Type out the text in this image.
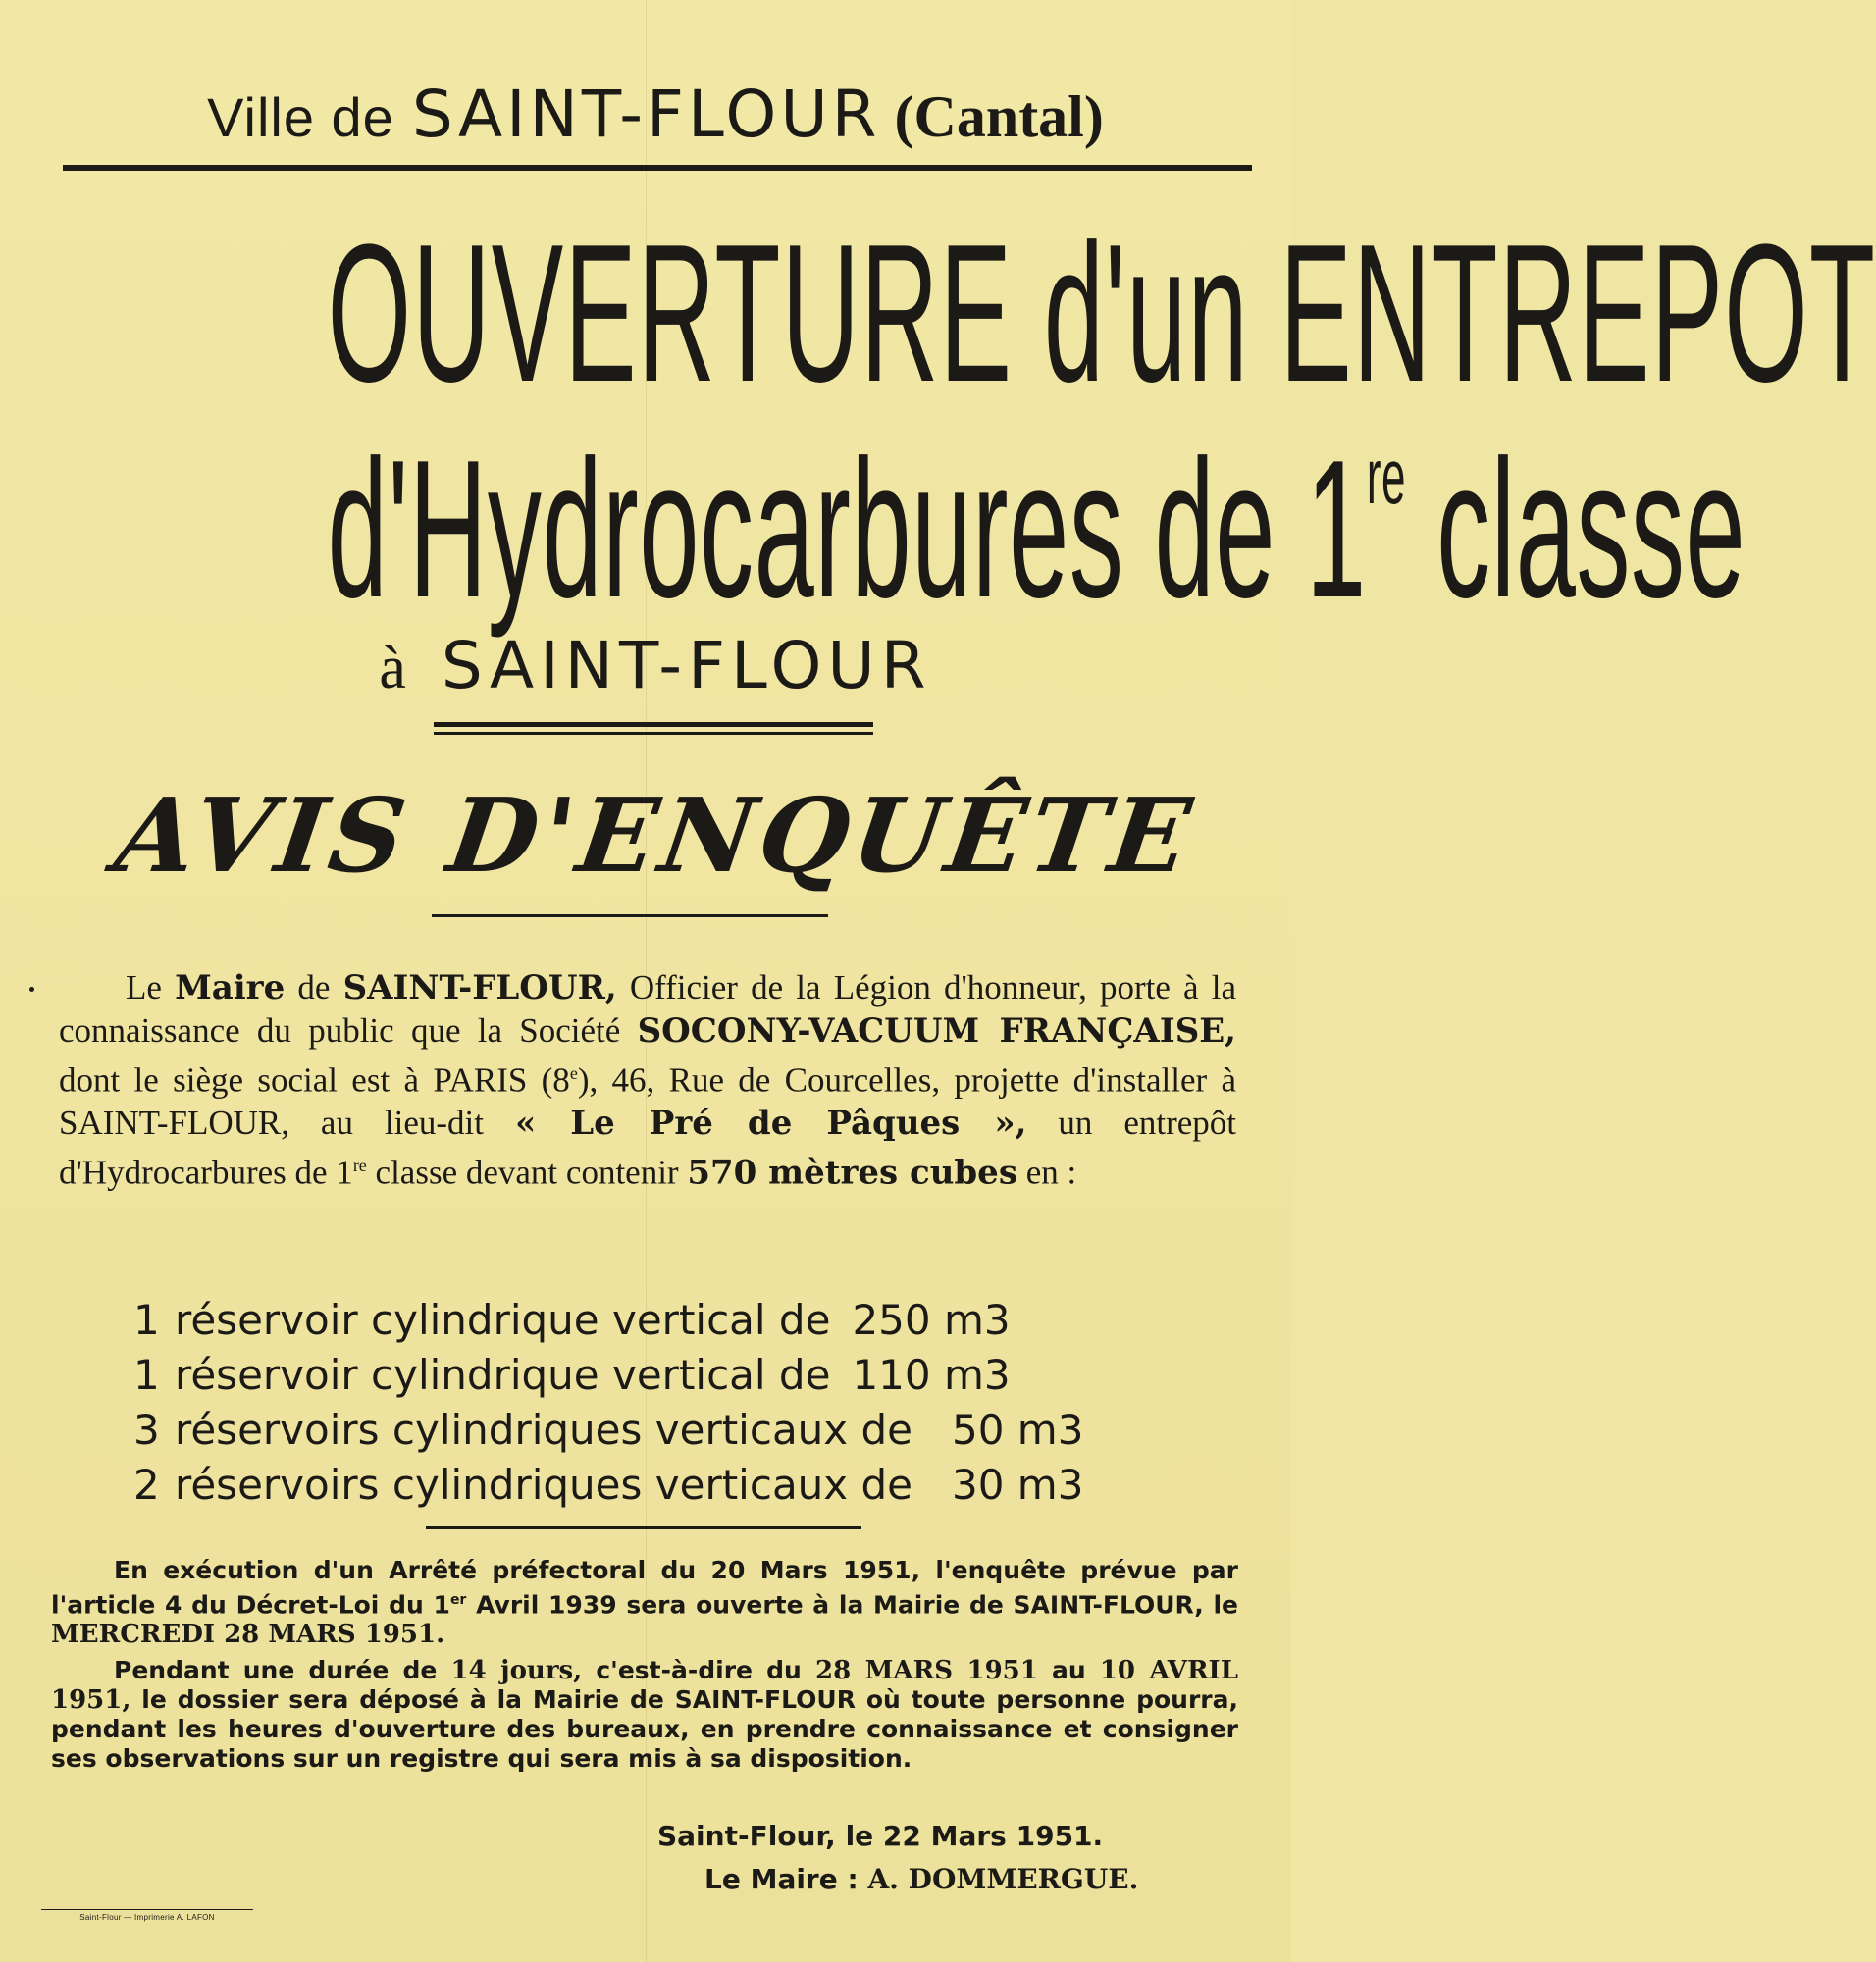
Ville de SAINT-FLOUR (Cantal)
OUVERTURE d'un ENTREPOT
d'Hydrocarbures de 1re classe
à SAINT-FLOUR
AVIS D'ENQUÊTE
Le Maire de SAINT-FLOUR, Officier de la Légion d'honneur, porte à la connaissance du public que la Société SOCONY-VACUUM FRANÇAISE, dont le siège social est à PARIS (8e), 46, Rue de Courcelles, projette d'installer à SAINT-FLOUR, au lieu-dit « Le Pré de Pâques », un entrepôt d'Hydrocarbures de 1re classe devant contenir 570 mètres cubes en :
1 réservoir cylindrique vertical de 250 m3
1 réservoir cylindrique vertical de 110 m3
3 réservoirs cylindriques verticaux de 50 m3
2 réservoirs cylindriques verticaux de 30 m3
En exécution d'un Arrêté préfectoral du 20 Mars 1951, l'enquête prévue par l'article 4 du Décret-Loi du 1er Avril 1939 sera ouverte à la Mairie de SAINT-FLOUR, le MERCREDI 28 MARS 1951.
Pendant une durée de 14 jours, c'est-à-dire du 28 MARS 1951 au 10 AVRIL 1951, le dossier sera déposé à la Mairie de SAINT-FLOUR où toute personne pourra, pendant les heures d'ouverture des bureaux, en prendre connaissance et consigner ses observations sur un registre qui sera mis à sa disposition.
Saint-Flour, le 22 Mars 1951.
Le Maire : A. DOMMERGUE.
Saint-Flour — Imprimerie A. LAFON
